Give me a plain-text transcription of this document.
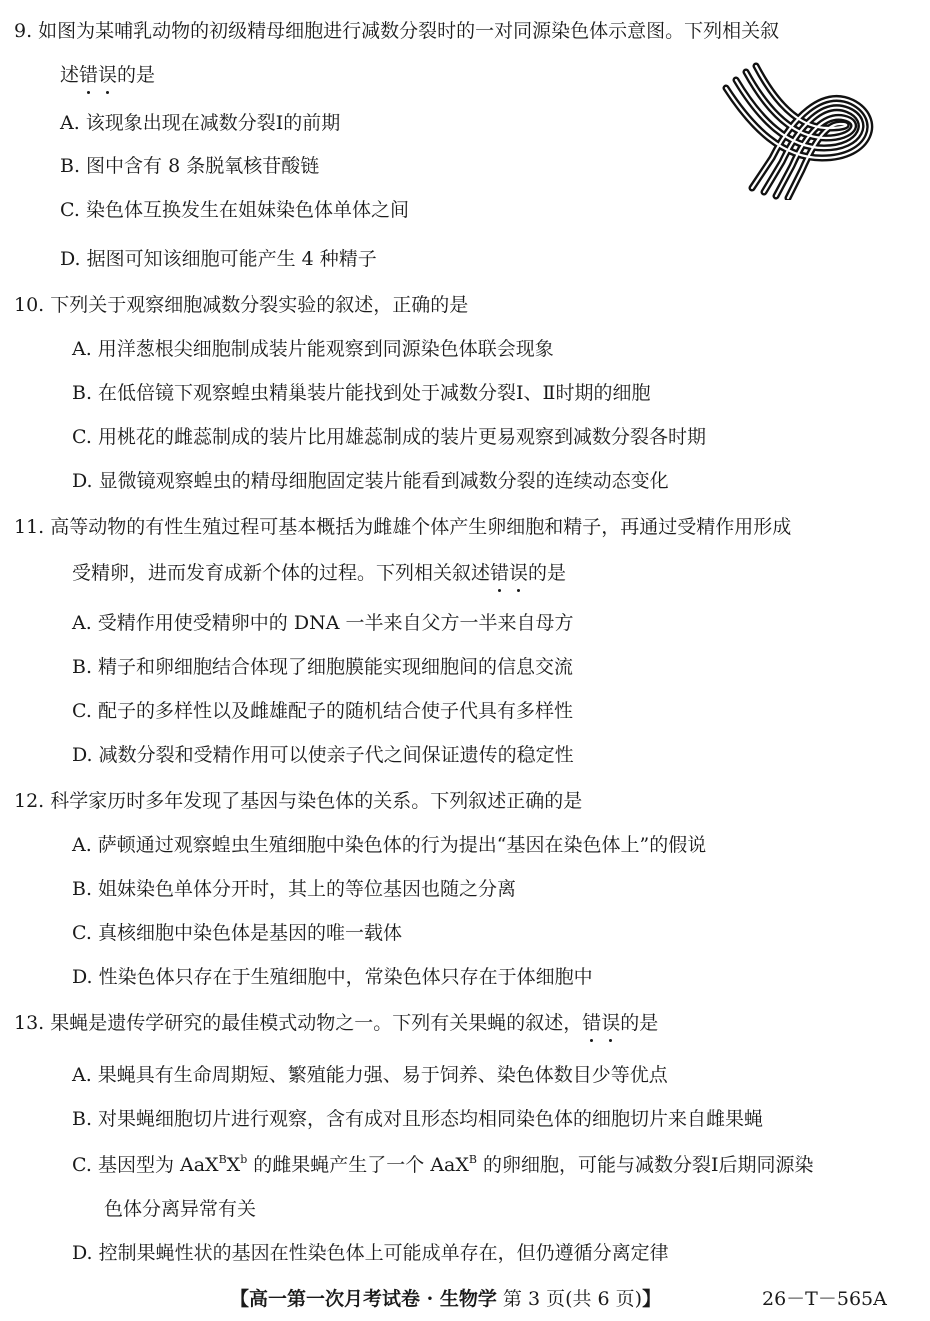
9. 如图为某哺乳动物的初级精母细胞进行减数分裂时的一对同源染色体示意图。下列相关叙
述错误的是
A. 该现象出现在减数分裂Ⅰ的前期
B. 图中含有 8 条脱氧核苷酸链
C. 染色体互换发生在姐妹染色体单体之间
D. 据图可知该细胞可能产生 4 种精子
10. 下列关于观察细胞减数分裂实验的叙述，正确的是
A. 用洋葱根尖细胞制成装片能观察到同源染色体联会现象
B. 在低倍镜下观察蝗虫精巢装片能找到处于减数分裂Ⅰ、Ⅱ时期的细胞
C. 用桃花的雌蕊制成的装片比用雄蕊制成的装片更易观察到减数分裂各时期
D. 显微镜观察蝗虫的精母细胞固定装片能看到减数分裂的连续动态变化
11. 高等动物的有性生殖过程可基本概括为雌雄个体产生卵细胞和精子，再通过受精作用形成
受精卵，进而发育成新个体的过程。下列相关叙述错误的是
A. 受精作用使受精卵中的 DNA 一半来自父方一半来自母方
B. 精子和卵细胞结合体现了细胞膜能实现细胞间的信息交流
C. 配子的多样性以及雌雄配子的随机结合使子代具有多样性
D. 减数分裂和受精作用可以使亲子代之间保证遗传的稳定性
12. 科学家历时多年发现了基因与染色体的关系。下列叙述正确的是
A. 萨顿通过观察蝗虫生殖细胞中染色体的行为提出“基因在染色体上”的假说
B. 姐妹染色单体分开时，其上的等位基因也随之分离
C. 真核细胞中染色体是基因的唯一载体
D. 性染色体只存在于生殖细胞中，常染色体只存在于体细胞中
13. 果蝇是遗传学研究的最佳模式动物之一。下列有关果蝇的叙述，错误的是
A. 果蝇具有生命周期短、繁殖能力强、易于饲养、染色体数目少等优点
B. 对果蝇细胞切片进行观察，含有成对且形态均相同染色体的细胞切片来自雌果蝇
C. 基因型为 $AaX^BX^b$ 的雌果蝇产生了一个 AaX$^B$ 的卵细胞，可能与减数分裂Ⅰ后期同源染
色体分离异常有关
D. 控制果蝇性状的基因在性染色体上可能成单存在，但仍遵循分离定律
【高一第一次月考试卷 · 生物学 第 3 页(共 6 页)】	26－T－565A
